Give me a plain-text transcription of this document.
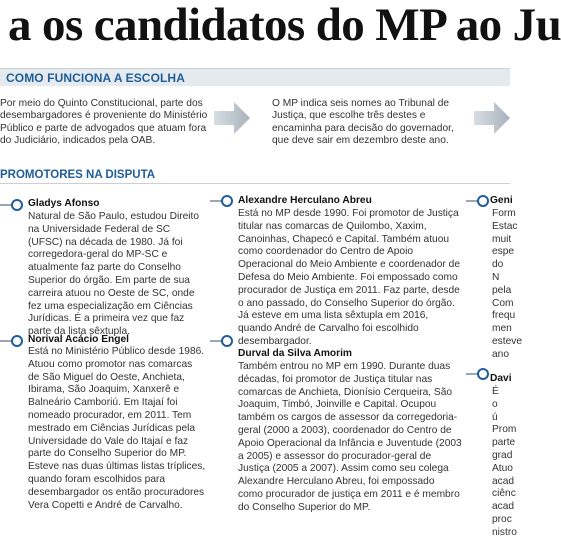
a os candidatos do MP ao Ju
COMO FUNCIONA A ESCOLHA
Por meio do Quinto Constitucional, parte dos desembargadores é proveniente do Ministério Público e parte de advogados que atuam fora do Judiciário, indicados pela OAB.
O MP indica seis nomes ao Tribunal de Justiça, que escolhe três destes e encaminha para decisão do governador, que deve sair em dezembro deste ano.
PROMOTORES NA DISPUTA
Gladys Afonso
Natural de São Paulo, estudou Direito na Universidade Federal de SC (UFSC) na década de 1980. Já foi corregedora-geral do MP-SC e atualmente faz parte do Conselho Superior do órgão. Em parte de sua carreira atuou no Oeste de SC, onde fez uma especialização em Ciências Jurídicas. É a primeira vez que faz parte da lista sêxtupla.
Alexandre Herculano Abreu
Está no MP desde 1990. Foi promotor de Justiça titular nas comarcas de Quilombo, Xaxim, Canoinhas, Chapecó e Capital. Também atuou como coordenador do Centro de Apoio Operacional do Meio Ambiente e coordenador de Defesa do Meio Ambiente. Foi empossado como procurador de Justiça em 2011. Faz parte, desde o ano passado, do Conselho Superior do órgão. Já esteve em uma lista sêxtupla em 2016, quando André de Carvalho foi escolhido desembargador.
Geni
Form Estac muit espe do N pela Com frequ men esteve ano
Norival Acácio Engel
Está no Ministério Público desde 1986. Atuou como promotor nas comarcas de São Miguel do Oeste, Anchieta, Ibirama, São Joaquim, Xanxerê e Balneário Camboriú. Em Itajaí foi nomeado procurador, em 2011. Tem mestrado em Ciências Jurídicas pela Universidade do Vale do Itajaí e faz parte do Conselho Superior do MP. Esteve nas duas últimas listas tríplices, quando foram escolhidos para desembargador os então procuradores Vera Copetti e André de Carvalho.
Durval da Silva Amorim
Também entrou no MP em 1990. Durante duas décadas, foi promotor de Justiça titular nas comarcas de Anchieta, Dionísio Cerqueira, São Joaquim, Timbó, Joinville e Capital. Ocupou também os cargos de assessor da corregedoria-geral (2000 a 2003), coordenador do Centro de Apoio Operacional da Infância e Juventude (2003 a 2005) e assessor do procurador-geral de Justiça (2005 a 2007). Assim como seu colega Alexandre Herculano Abreu, foi empossado como procurador de justiça em 2011 e é membro do Conselho Superior do MP.
Davi
É o ú Prom parte grad Atuo acad ciênc acad proc nistro
